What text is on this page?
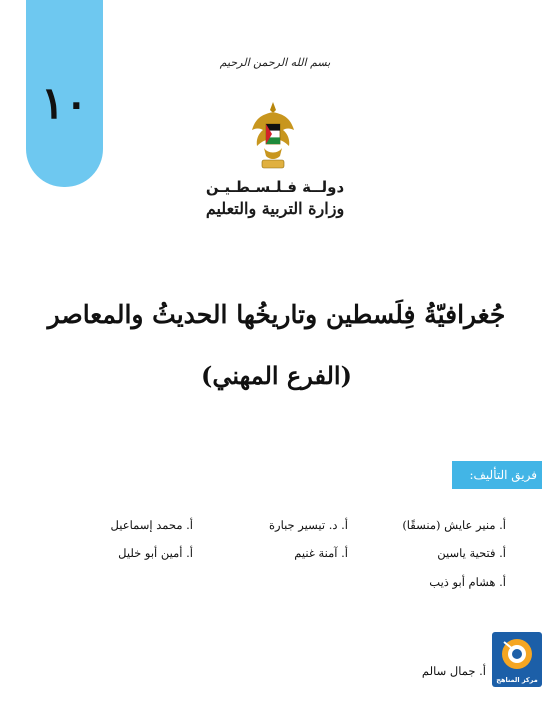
١٠
بسم الله الرحمن الرحيم
دولــة فـلـسـطـيـن
وزارة التربية والتعليم
جُغرافيّةُ فِلَسطين وتاريخُها الحديثُ والمعاصر
(الفرع المهني)
فريق التأليف:
أ. منير عايش (منسقًا)
أ. د. تيسير جبارة
أ. محمد إسماعيل
أ. فتحية ياسين
أ. آمنة غنيم
أ. أمين أبو خليل
أ. هشام أبو ذيب
أ. جمال سالم
مركز المناهج
